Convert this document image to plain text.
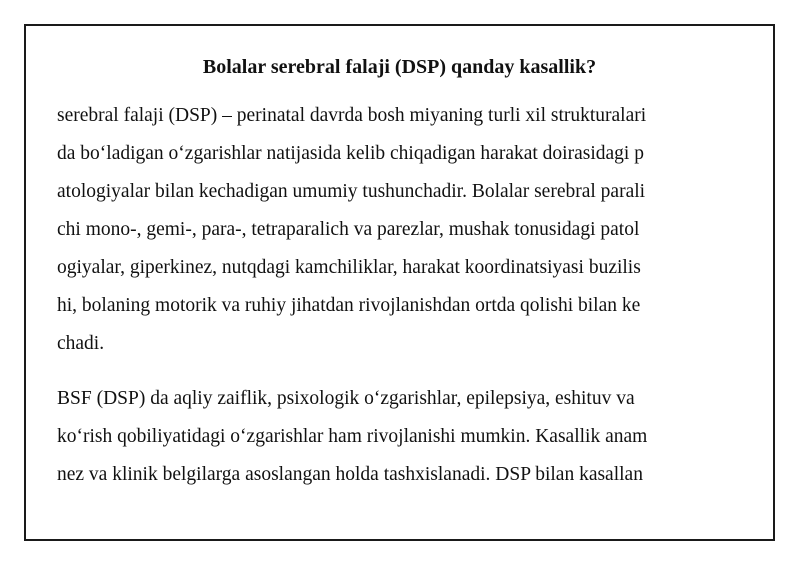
Bolalar serebral falaji (DSP) qanday kasallik?

serebral falaji (DSP) – perinatal davrda bosh miyaning turli xil strukturalari

da bo‘ladigan o‘zgarishlar natijasida kelib chiqadigan harakat doirasidagi p

atologiyalar bilan kechadigan umumiy tushunchadir. Bolalar serebral parali

chi mono-, gemi-, para-, tetraparalich va parezlar, mushak tonusidagi patol

ogiyalar, giperkinez, nutqdagi kamchiliklar, harakat koordinatsiyasi buzilis

hi, bolaning motorik va ruhiy jihatdan rivojlanishdan ortda qolishi bilan ke

chadi.

BSF (DSP) da aqliy zaiflik, psixologik o‘zgarishlar, epilepsiya, eshituv va

ko‘rish qobiliyatidagi o‘zgarishlar ham rivojlanishi mumkin. Kasallik anam

nez va klinik belgilarga asoslangan holda tashxislanadi. DSP bilan kasallan
